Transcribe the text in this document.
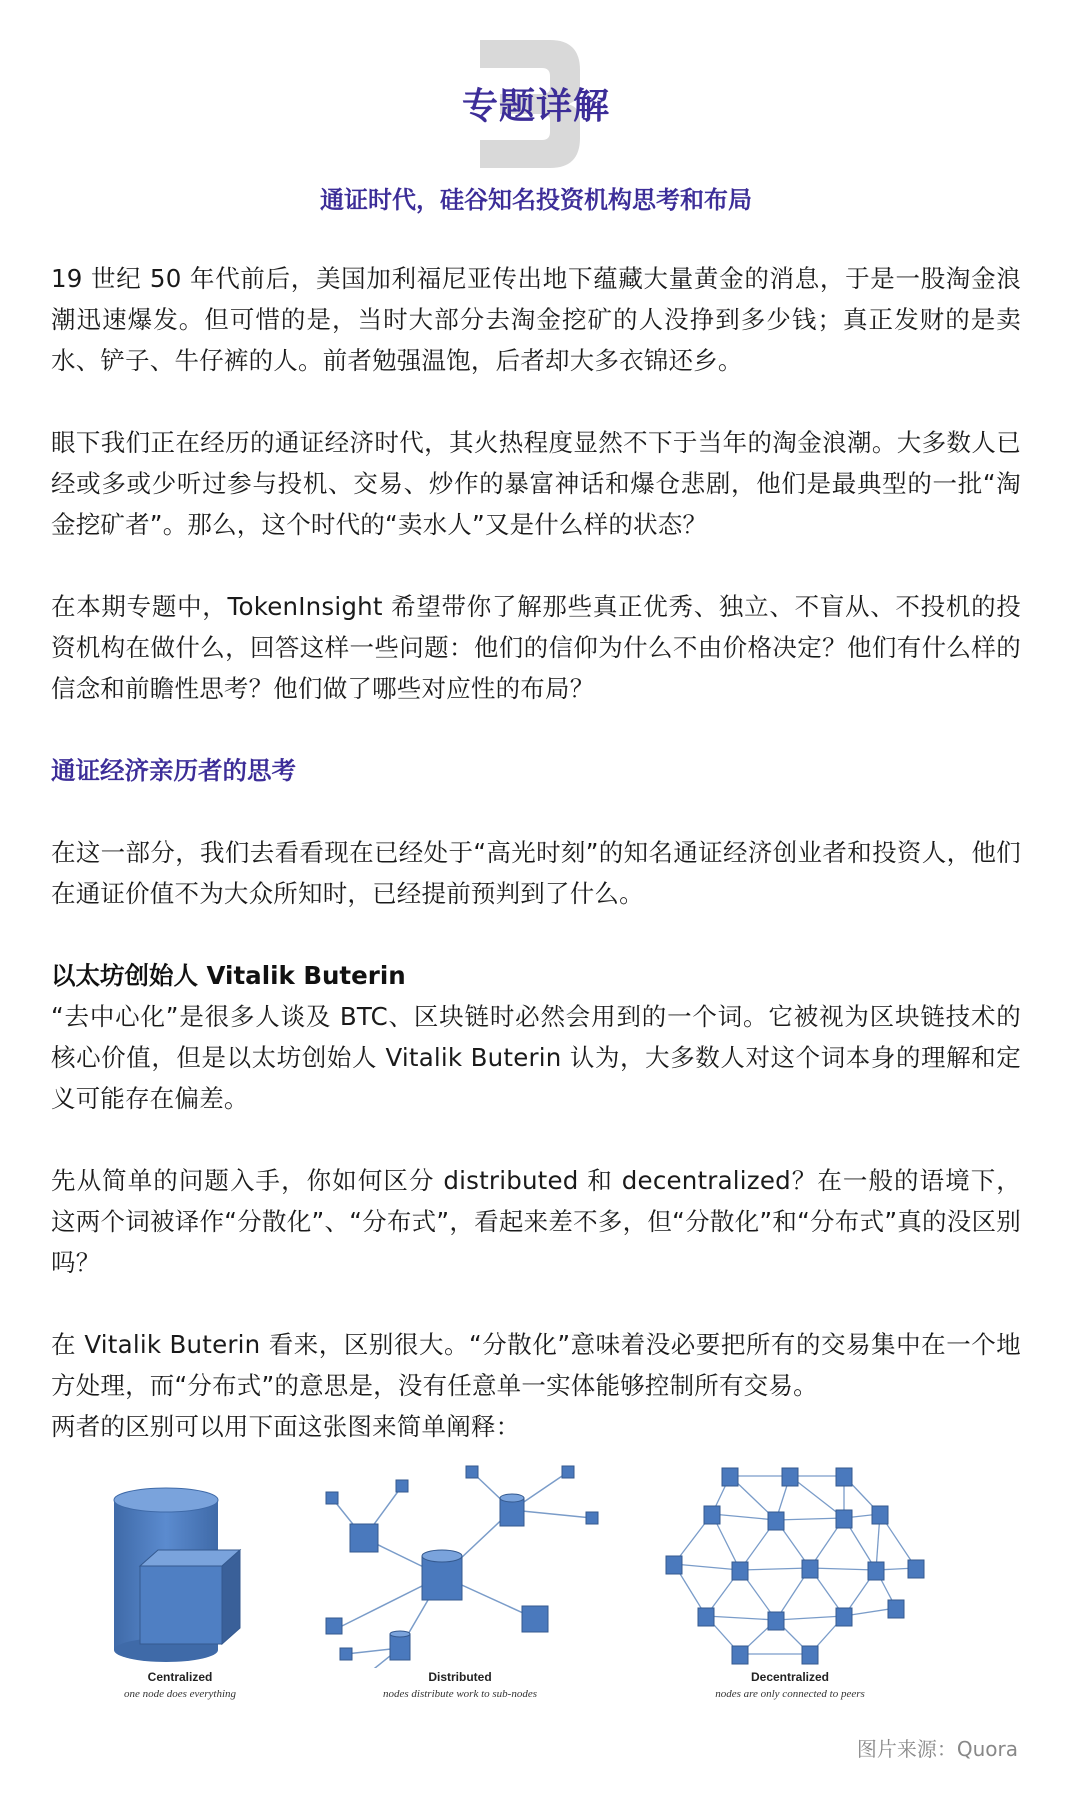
专题详解
通证时代，硅谷知名投资机构思考和布局

19 世纪 50 年代前后，美国加利福尼亚传出地下蕴藏大量黄金的消息，于是一股淘金浪潮迅速爆发。但可惜的是，当时大部分去淘金挖矿的人没挣到多少钱；真正发财的是卖水、铲子、牛仔裤的人。前者勉强温饱，后者却大多衣锦还乡。

眼下我们正在经历的通证经济时代，其火热程度显然不下于当年的淘金浪潮。大多数人已经或多或少听过参与投机、交易、炒作的暴富神话和爆仓悲剧，他们是最典型的一批“淘金挖矿者”。那么，这个时代的“卖水人”又是什么样的状态？

在本期专题中，TokenInsight 希望带你了解那些真正优秀、独立、不盲从、不投机的投资机构在做什么，回答这样一些问题：他们的信仰为什么不由价格决定？他们有什么样的信念和前瞻性思考？他们做了哪些对应性的布局？

通证经济亲历者的思考

在这一部分，我们去看看现在已经处于“高光时刻”的知名通证经济创业者和投资人，他们在通证价值不为大众所知时，已经提前预判到了什么。

以太坊创始人 Vitalik Buterin

“去中心化”是很多人谈及 BTC、区块链时必然会用到的一个词。它被视为区块链技术的核心价值，但是以太坊创始人 Vitalik Buterin 认为，大多数人对这个词本身的理解和定义可能存在偏差。

先从简单的问题入手，你如何区分 distributed 和 decentralized？在一般的语境下，这两个词被译作“分散化”、“分布式”，看起来差不多，但“分散化”和“分布式”真的没区别吗？

在 Vitalik Buterin 看来，区别很大。“分散化”意味着没必要把所有的交易集中在一个地方处理，而“分布式”的意思是，没有任意单一实体能够控制所有交易。

两者的区别可以用下面这张图来简单阐释：

Centralized
one node does everything
Distributed
nodes distribute work to sub-nodes
Decentralized
nodes are only connected to peers
图片来源：Quora
